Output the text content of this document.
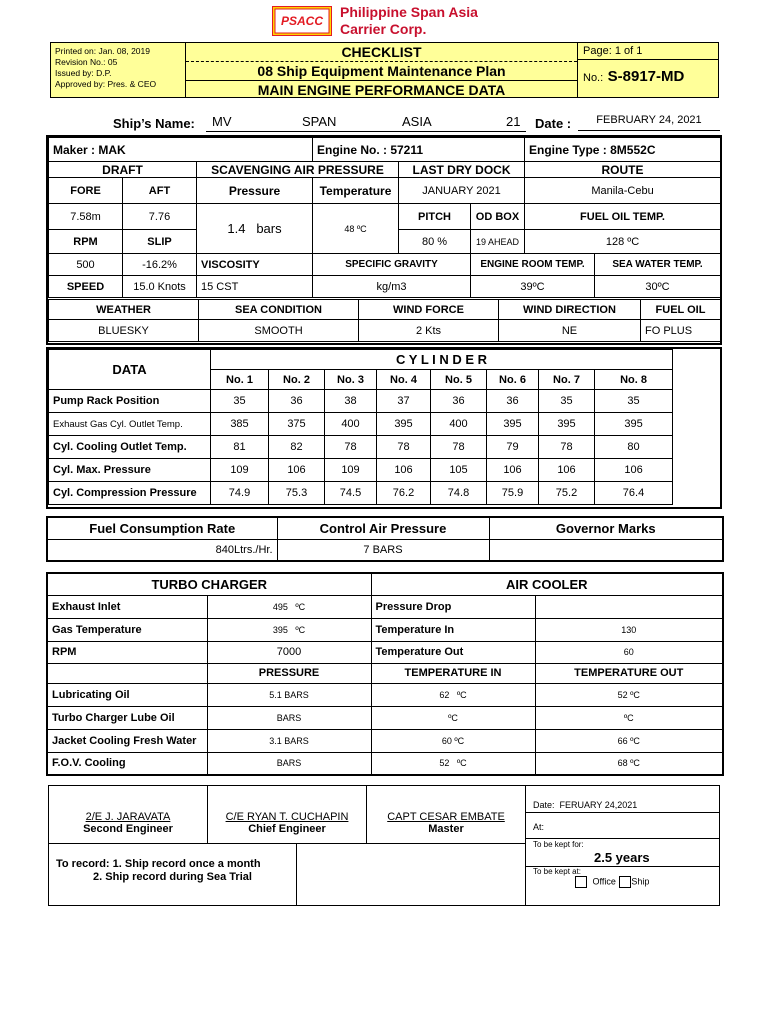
PSACC
Philippine Span Asia
Carrier Corp.
Printed on: Jan. 08, 2019
Revision No.: 05
Issued by: D.P.
Approved by: Pres. & CEO
CHECKLIST
08 Ship Equipment Maintenance Plan
MAIN ENGINE PERFORMANCE DATA
Page: 1 of 1
No.: S-8917-MD
Ship’s Name: MV	SPAN	ASIA	21 Date :	FEBRUARY 24, 2021
Maker : MAK			Engine No. : 57211			Engine Type : 8M552C	
DRAFT		SCAVENGING AIR PRESSURE		LAST DRY DOCK		ROUTE	
FORE	AFT	Pressure	Temperature	JANUARY 2021		Manila-Cebu	
7.58m	7.76	1.4 bars	48 ºC	PITCH	OD BOX	FUEL OIL TEMP.	
RPM	SLIP			80 %	19 AHEAD	128 ºC	
500	-16.2%	VISCOSITY	SPECIFIC GRAVITY		ENGINE ROOM TEMP.		SEA WATER TEMP.
SPEED	15.0 Knots	15 CST	kg/m3		39ºC		30ºC
WEATHER	SEA CONDITION	WIND FORCE	WIND DIRECTION	FUEL OIL
BLUESKY	SMOOTH	2 Kts	NE	FO PLUS
DATA	C Y L I N D E R							
	No. 1	No. 2	No. 3	No. 4	No. 5	No. 6	No. 7	No. 8
Pump Rack Position	35	36	38	37	36	36	35	35
Exhaust Gas Cyl. Outlet Temp.	385	375	400	395	400	395	395	395
Cyl. Cooling Outlet Temp.	81	82	78	78	78	79	78	80
Cyl. Max. Pressure	109	106	109	106	105	106	106	106
Cyl. Compression Pressure	74.9	75.3	74.5	76.2	74.8	75.9	75.2	76.4
Fuel Consumption Rate	Control Air Pressure	Governor Marks
840Ltrs./Hr.	7 BARS	
TURBO CHARGER		AIR COOLER	
Exhaust Inlet	495 ºC	Pressure Drop	
Gas Temperature	395 ºC	Temperature In	130
RPM	7000	Temperature Out	60
	PRESSURE	TEMPERATURE IN	TEMPERATURE OUT
Lubricating Oil	5.1 BARS	62 ºC	52 ºC
Turbo Charger Lube Oil	BARS	ºC	ºC
Jacket Cooling Fresh Water	3.1 BARS	60 ºC	66 ºC
F.O.V. Cooling	BARS	52 ºC	68 ºC
2/E J. JARAVATA
Second Engineer
C/E RYAN T. CUCHAPIN
Chief Engineer
CAPT CESAR EMBATE
Master
To record: 1. Ship record once a month
2. Ship record during Sea Trial
Date: FERUARY 24,2021
At:
To be kept for:
2.5 years
To be kept at:
Office Ship
